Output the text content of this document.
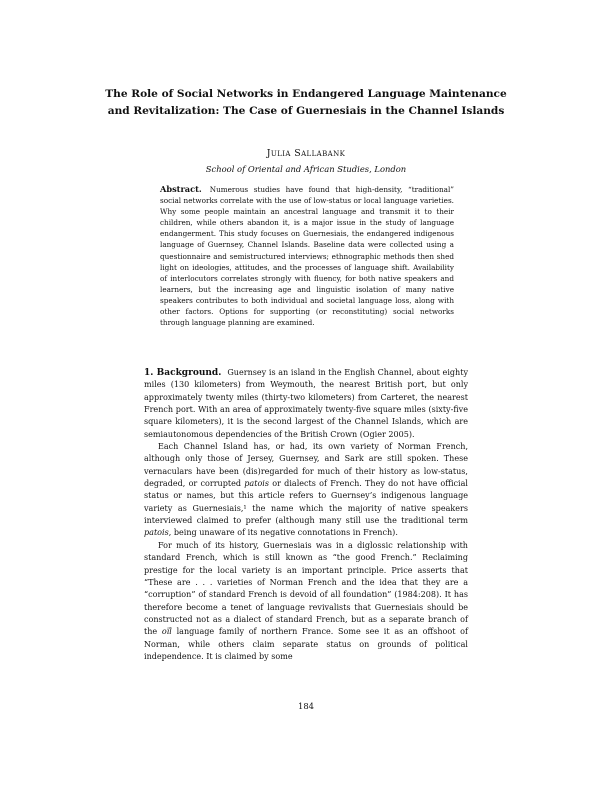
The Role of Social Networks in Endangered Language Maintenance
and Revitalization: The Case of Guernesiais in the Channel Islands
Julia Sallabank
School of Oriental and African Studies, London
Abstract. Numerous studies have found that high-density, “traditional” social networks correlate with the use of low-status or local language varieties. Why some people maintain an ancestral language and transmit it to their children, while others abandon it, is a major issue in the study of language endangerment. This study focuses on Guernesiais, the endangered indigenous language of Guernsey, Channel Islands. Baseline data were collected using a questionnaire and semistructured interviews; ethnographic methods then shed light on ideologies, attitudes, and the processes of language shift. Availability of interlocutors correlates strongly with fluency, for both native speakers and learners, but the increasing age and linguistic isolation of many native speakers contributes to both individual and societal language loss, along with other factors. Options for supporting (or reconstituting) social networks through language planning are examined.

1. Background. Guernsey is an island in the English Channel, about eighty miles (130 kilometers) from Weymouth, the nearest British port, but only approximately twenty miles (thirty-two kilometers) from Carteret, the nearest French port. With an area of approximately twenty-five square miles (sixty-five square kilometers), it is the second largest of the Channel Islands, which are semiautonomous dependencies of the British Crown (Ogier 2005).

Each Channel Island has, or had, its own variety of Norman French, although only those of Jersey, Guernsey, and Sark are still spoken. These vernaculars have been (dis)regarded for much of their history as low-status, degraded, or corrupted patois or dialects of French. They do not have official status or names, but this article refers to Guernsey’s indigenous language variety as Guernesiais,¹ the name which the majority of native speakers interviewed claimed to prefer (although many still use the traditional term patois, being unaware of its negative connotations in French).

For much of its history, Guernesiais was in a diglossic relationship with standard French, which is still known as “the good French.” Reclaiming prestige for the local variety is an important principle. Price asserts that “These are . . . varieties of Norman French and the idea that they are a “corruption” of standard French is devoid of all foundation” (1984:208). It has therefore become a tenet of language revivalists that Guernesiais should be constructed not as a dialect of standard French, but as a separate branch of the oïl language family of northern France. Some see it as an offshoot of Norman, while others claim separate status on grounds of political independence. It is claimed by some

184
